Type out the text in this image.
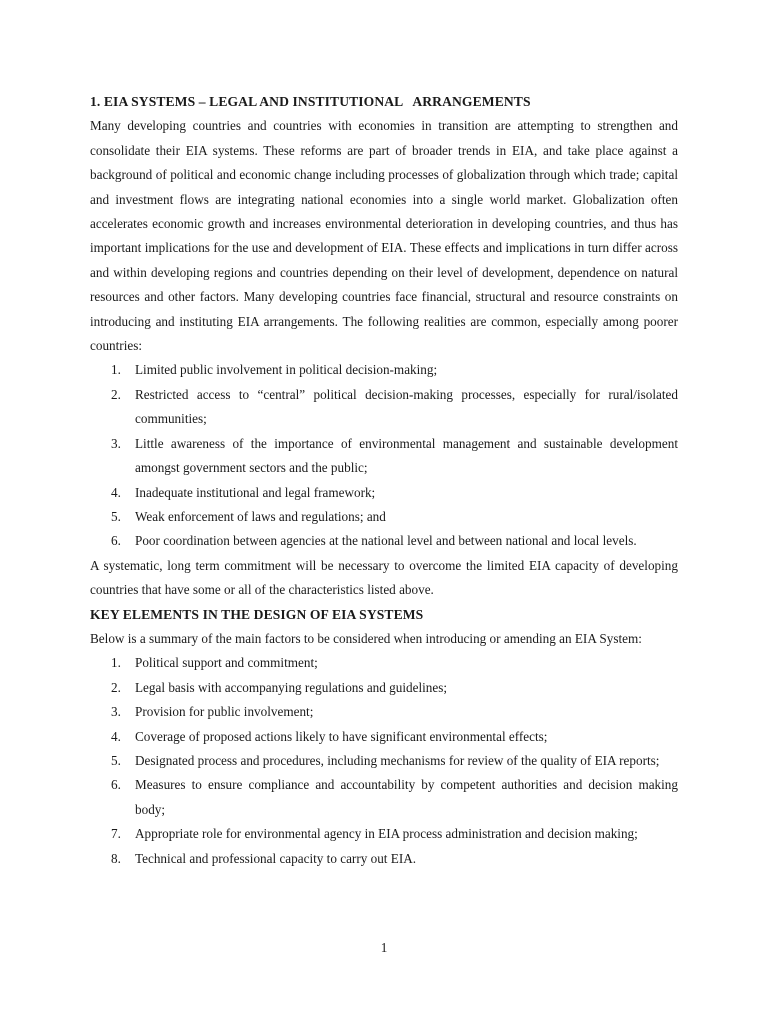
1. EIA SYSTEMS – LEGAL AND INSTITUTIONAL   ARRANGEMENTS

Many developing countries and countries with economies in transition are attempting to strengthen and consolidate their EIA systems. These reforms are part of broader trends in EIA, and take place against a background of political and economic change including processes of globalization through which trade; capital and investment flows are integrating national economies into a single world market. Globalization often accelerates economic growth and increases environmental deterioration in developing countries, and thus has important implications for the use and development of EIA. These effects and implications in turn differ across and within developing regions and countries depending on their level of development, dependence on natural resources and other factors. Many developing countries face financial, structural and resource constraints on introducing and instituting EIA arrangements. The following realities are common, especially among poorer countries:

1. Limited public involvement in political decision-making;
2. Restricted access to “central” political decision-making processes, especially for rural/isolated communities;
3. Little awareness of the importance of environmental management and sustainable development amongst government sectors and the public;
4. Inadequate institutional and legal framework;
5. Weak enforcement of laws and regulations; and
6. Poor coordination between agencies at the national level and between national and local levels.

A systematic, long term commitment will be necessary to overcome the limited EIA capacity of developing countries that have some or all of the characteristics listed above.

KEY ELEMENTS IN THE DESIGN OF EIA SYSTEMS

Below is a summary of the main factors to be considered when introducing or amending an EIA System:

1. Political support and commitment;
2. Legal basis with accompanying regulations and guidelines;
3. Provision for public involvement;
4. Coverage of proposed actions likely to have significant environmental effects;
5. Designated process and procedures, including mechanisms for review of the quality of EIA reports;
6. Measures to ensure compliance and accountability by competent authorities and decision making body;
7. Appropriate role for environmental agency in EIA process administration and decision making;
8. Technical and professional capacity to carry out EIA.
1
